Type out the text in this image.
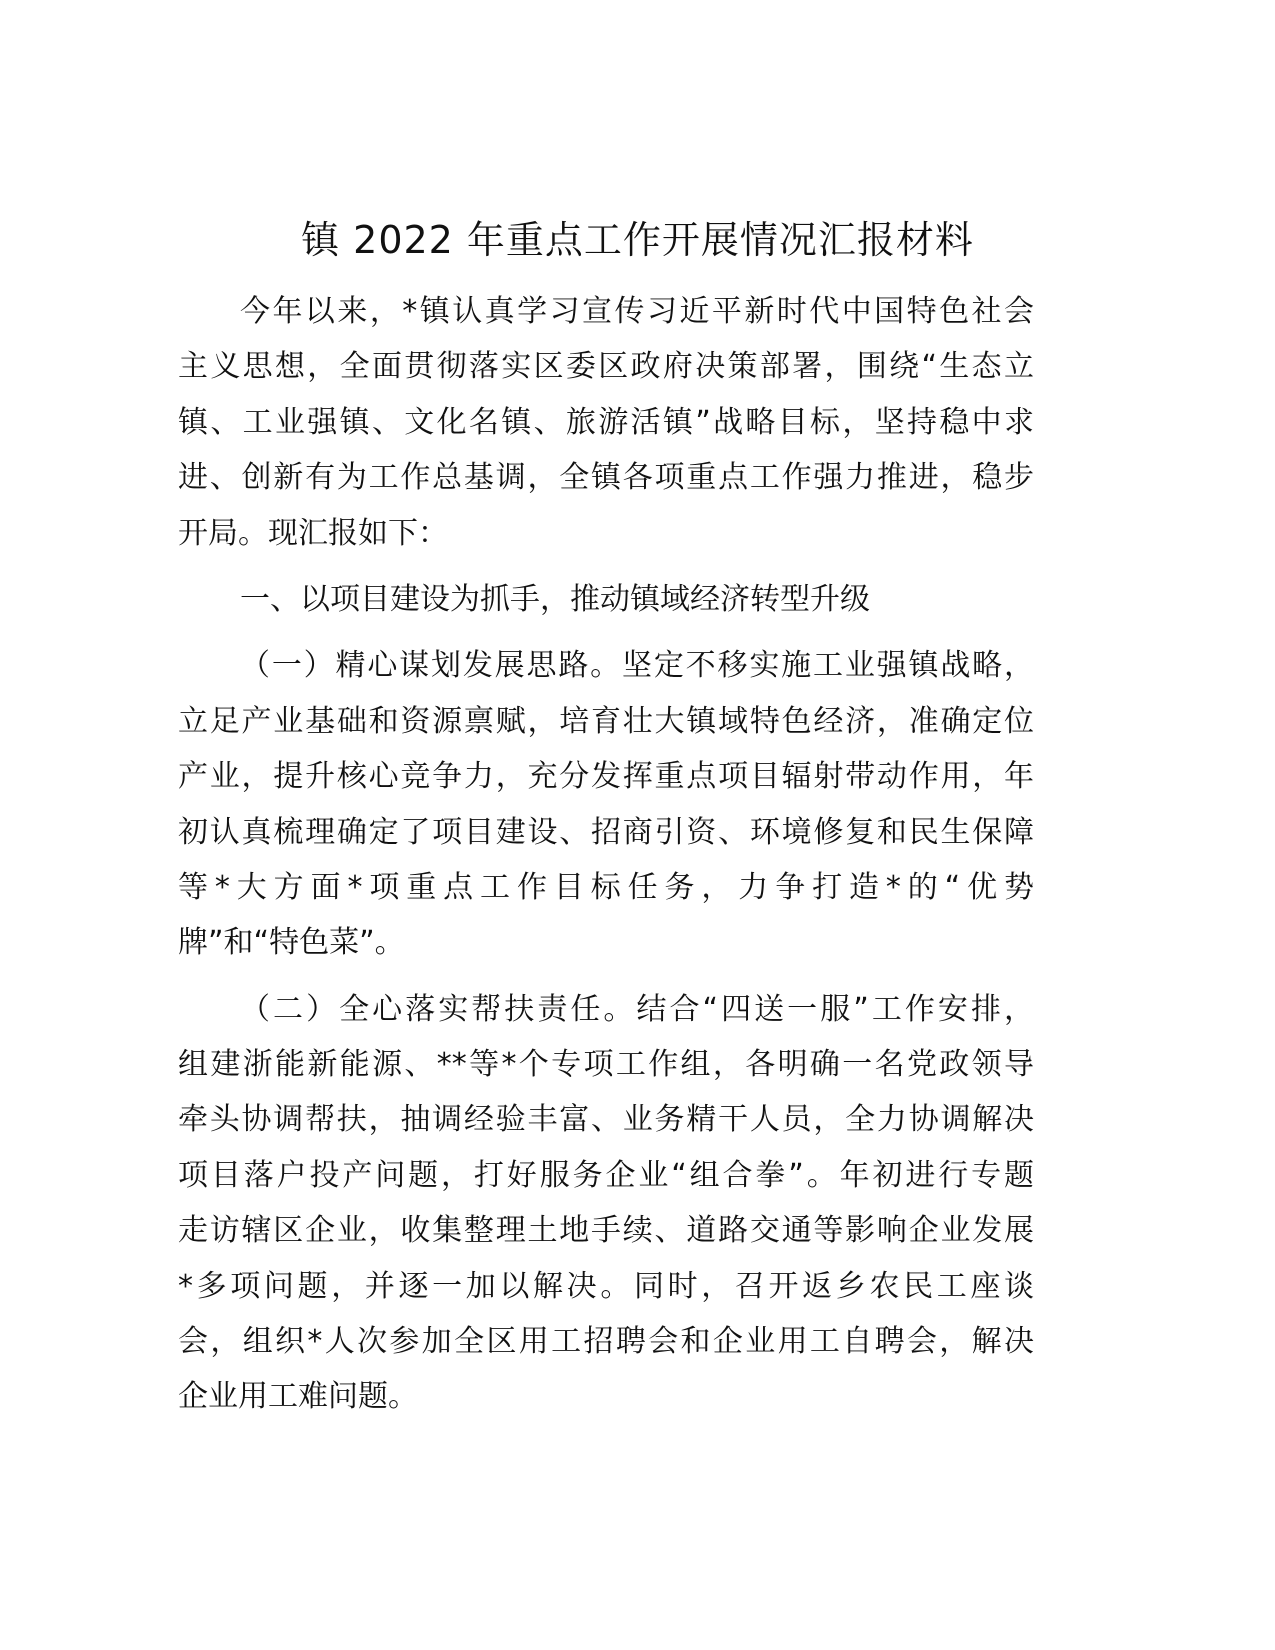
镇 2022 年重点工作开展情况汇报材料
今年以来，*镇认真学习宣传习近平新时代中国特色社会
主义思想，全面贯彻落实区委区政府决策部署，围绕“生态立
镇、工业强镇、文化名镇、旅游活镇”战略目标，坚持稳中求
进、创新有为工作总基调，全镇各项重点工作强力推进，稳步
开局。现汇报如下：
一、以项目建设为抓手，推动镇域经济转型升级
（一）精心谋划发展思路。坚定不移实施工业强镇战略，
立足产业基础和资源禀赋，培育壮大镇域特色经济，准确定位
产业，提升核心竞争力，充分发挥重点项目辐射带动作用，年
初认真梳理确定了项目建设、招商引资、环境修复和民生保障
等*大方面*项重点工作目标任务，力争打造*的“优势
牌”和“特色菜”。
（二）全心落实帮扶责任。结合“四送一服”工作安排，
组建浙能新能源、**等*个专项工作组，各明确一名党政领导
牵头协调帮扶，抽调经验丰富、业务精干人员，全力协调解决
项目落户投产问题，打好服务企业“组合拳”。年初进行专题
走访辖区企业，收集整理土地手续、道路交通等影响企业发展
*多项问题，并逐一加以解决。同时，召开返乡农民工座谈
会，组织*人次参加全区用工招聘会和企业用工自聘会，解决
企业用工难问题。
